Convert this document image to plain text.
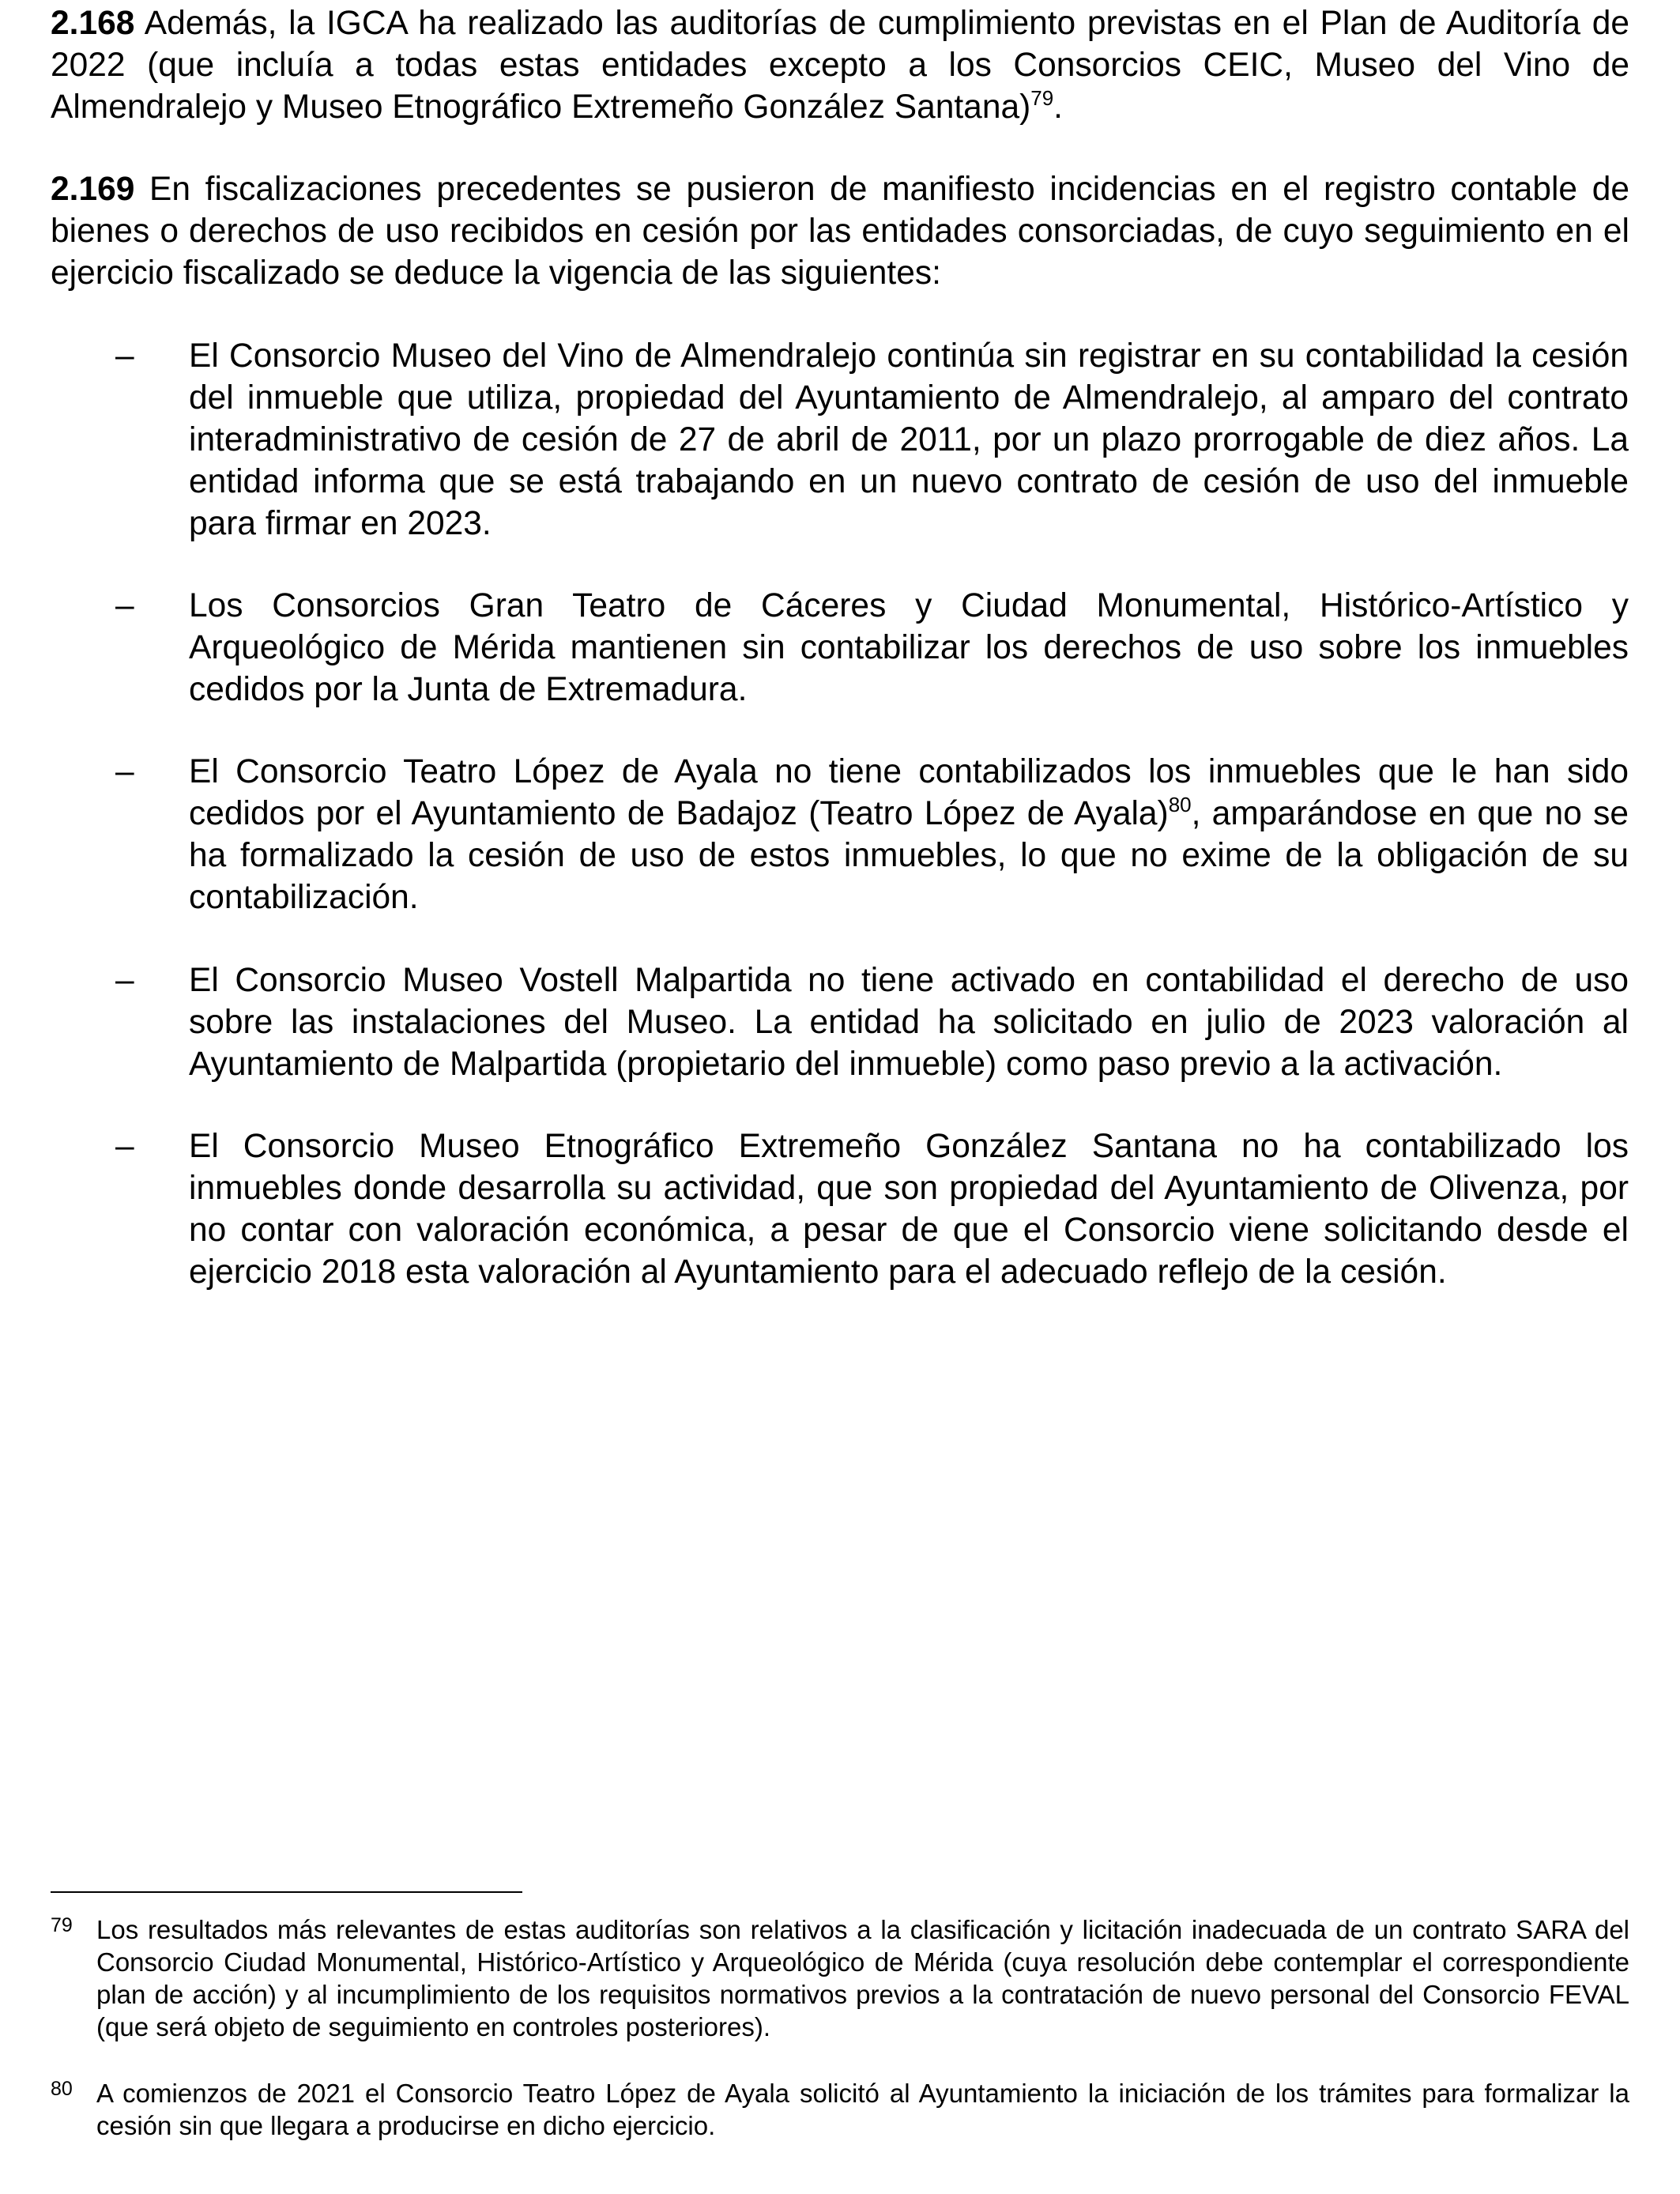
2.168 Además, la IGCA ha realizado las auditorías de cumplimiento previstas en el Plan de Auditoría de 2022 (que incluía a todas estas entidades excepto a los Consorcios CEIC, Museo del Vino de Almendralejo y Museo Etnográfico Extremeño González Santana)$^{79}$.

2.169 En fiscalizaciones precedentes se pusieron de manifiesto incidencias en el registro contable de bienes o derechos de uso recibidos en cesión por las entidades consorciadas, de cuyo seguimiento en el ejercicio fiscalizado se deduce la vigencia de las siguientes:

– El Consorcio Museo del Vino de Almendralejo continúa sin registrar en su contabilidad la cesión del inmueble que utiliza, propiedad del Ayuntamiento de Almendralejo, al amparo del contrato interadministrativo de cesión de 27 de abril de 2011, por un plazo prorrogable de diez años. La entidad informa que se está trabajando en un nuevo contrato de cesión de uso del inmueble para firmar en 2023.

– Los Consorcios Gran Teatro de Cáceres y Ciudad Monumental, Histórico-Artístico y Arqueológico de Mérida mantienen sin contabilizar los derechos de uso sobre los inmuebles cedidos por la Junta de Extremadura.

– El Consorcio Teatro López de Ayala no tiene contabilizados los inmuebles que le han sido cedidos por el Ayuntamiento de Badajoz (Teatro López de Ayala)$^{80}$, amparándose en que no se ha formalizado la cesión de uso de estos inmuebles, lo que no exime de la obligación de su contabilización.

– El Consorcio Museo Vostell Malpartida no tiene activado en contabilidad el derecho de uso sobre las instalaciones del Museo. La entidad ha solicitado en julio de 2023 valoración al Ayuntamiento de Malpartida (propietario del inmueble) como paso previo a la activación.

– El Consorcio Museo Etnográfico Extremeño González Santana no ha contabilizado los inmuebles donde desarrolla su actividad, que son propiedad del Ayuntamiento de Olivenza, por no contar con valoración económica, a pesar de que el Consorcio viene solicitando desde el ejercicio 2018 esta valoración al Ayuntamiento para el adecuado reflejo de la cesión.

79 Los resultados más relevantes de estas auditorías son relativos a la clasificación y licitación inadecuada de un contrato SARA del Consorcio Ciudad Monumental, Histórico-Artístico y Arqueológico de Mérida (cuya resolución debe contemplar el correspondiente plan de acción) y al incumplimiento de los requisitos normativos previos a la contratación de nuevo personal del Consorcio FEVAL (que será objeto de seguimiento en controles posteriores).

80 A comienzos de 2021 el Consorcio Teatro López de Ayala solicitó al Ayuntamiento la iniciación de los trámites para formalizar la cesión sin que llegara a producirse en dicho ejercicio.
